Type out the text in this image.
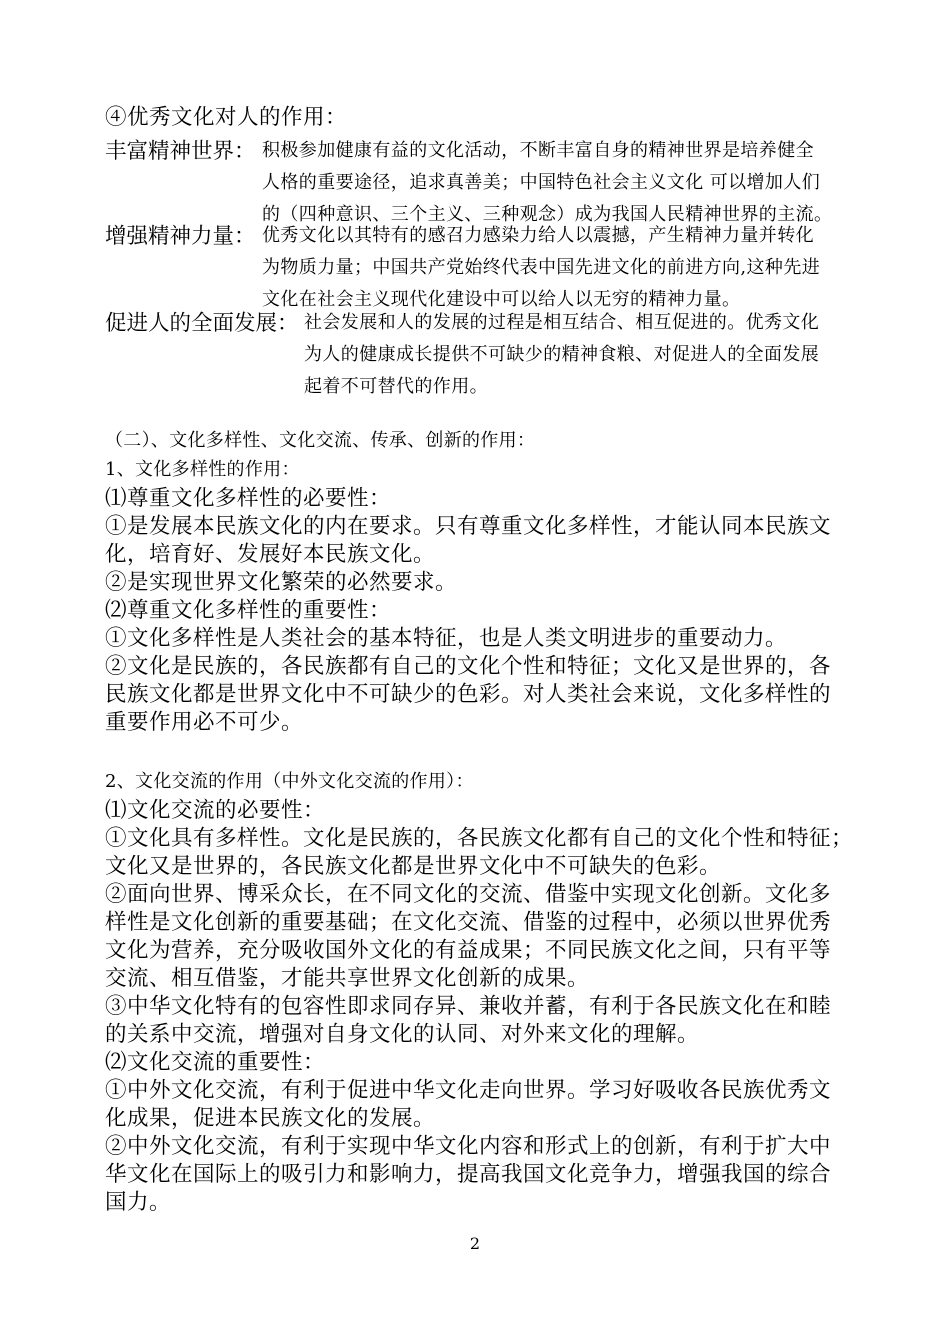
④优秀文化对人的作用：
丰富精神世界： 积极参加健康有益的文化活动，不断丰富自身的精神世界是培养健全
人格的重要途径，追求真善美；中国特色社会主义文化 可以增加人们
的（四种意识、三个主义、三种观念）成为我国人民精神世界的主流。
增强精神力量： 优秀文化以其特有的感召力感染力给人以震撼，产生精神力量并转化
为物质力量；中国共产党始终代表中国先进文化的前进方向,这种先进
文化在社会主义现代化建设中可以给人以无穷的精神力量。
促进人的全面发展： 社会发展和人的发展的过程是相互结合、相互促进的。优秀文化
为人的健康成长提供不可缺少的精神食粮、对促进人的全面发展
起着不可替代的作用。
（二）、文化多样性、文化交流、传承、创新的作用：
1、文化多样性的作用：
⑴尊重文化多样性的必要性：
①是发展本民族文化的内在要求。只有尊重文化多样性，才能认同本民族文
化，培育好、发展好本民族文化。
②是实现世界文化繁荣的必然要求。
⑵尊重文化多样性的重要性：
①文化多样性是人类社会的基本特征，也是人类文明进步的重要动力。
②文化是民族的，各民族都有自己的文化个性和特征；文化又是世界的，各
民族文化都是世界文化中不可缺少的色彩。对人类社会来说，文化多样性的
重要作用必不可少。
2、文化交流的作用（中外文化交流的作用）：
⑴文化交流的必要性：
①文化具有多样性。文化是民族的，各民族文化都有自己的文化个性和特征；
文化又是世界的，各民族文化都是世界文化中不可缺失的色彩。
②面向世界、博采众长，在不同文化的交流、借鉴中实现文化创新。文化多
样性是文化创新的重要基础；在文化交流、借鉴的过程中，必须以世界优秀
文化为营养，充分吸收国外文化的有益成果；不同民族文化之间，只有平等
交流、相互借鉴，才能共享世界文化创新的成果。
③中华文化特有的包容性即求同存异、兼收并蓄，有利于各民族文化在和睦
的关系中交流，增强对自身文化的认同、对外来文化的理解。
⑵文化交流的重要性：
①中外文化交流，有利于促进中华文化走向世界。学习好吸收各民族优秀文
化成果，促进本民族文化的发展。
②中外文化交流，有利于实现中华文化内容和形式上的创新，有利于扩大中
华文化在国际上的吸引力和影响力，提高我国文化竞争力，增强我国的综合
国力。
2
